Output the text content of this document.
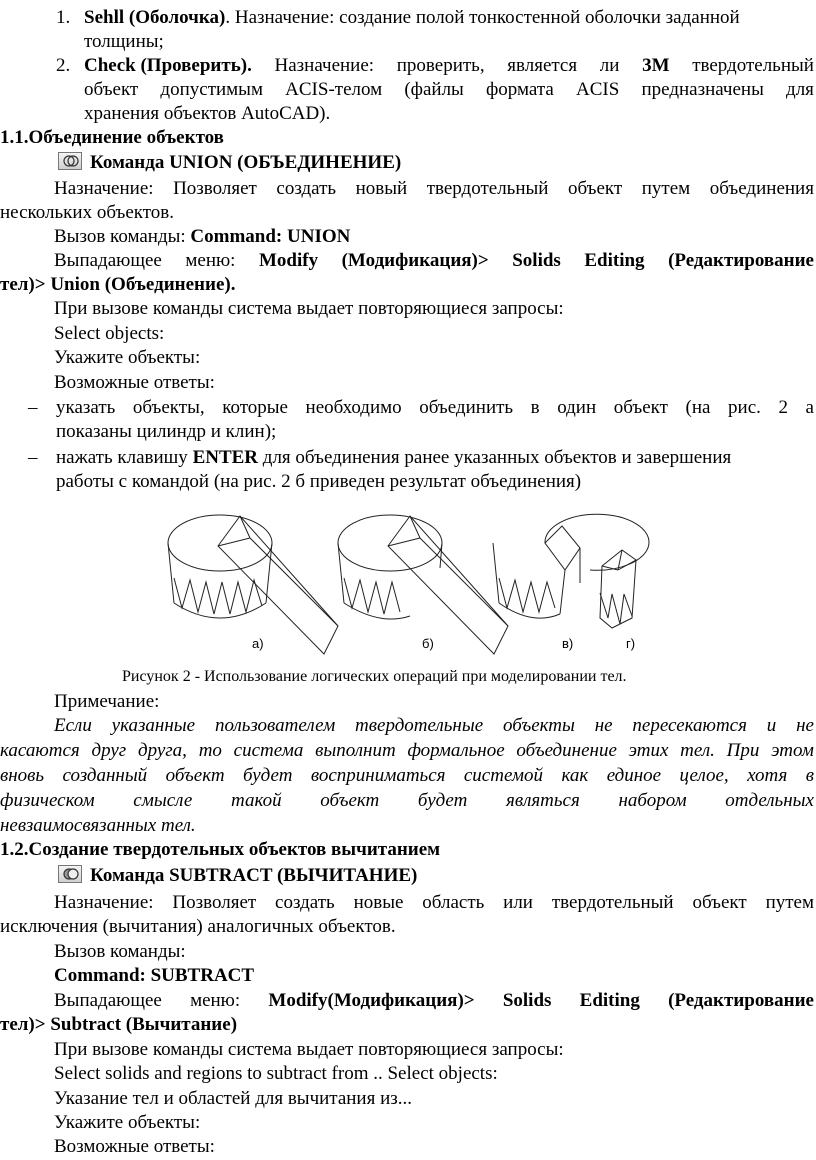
1. Sehll (Оболочка). Назначение: создание полой тонкостенной оболочки заданной
толщины;
2. Check (Проверить). Назначение: проверить, является ли 3М твердотельный
объект допустимым ACIS-телом (файлы формата ACIS предназначены для
хранения объектов AutoCAD).
1.1.Объединение объектов
Команда UNION (ОБЪЕДИНЕНИЕ)
Назначение: Позволяет создать новый твердотельный объект путем объединения
нескольких объектов.
Вызов команды: Command: UNION
Выпадающее меню: Modify (Модификация)> Solids Editing (Редактирование
тел)> Union (Объединение).
При вызове команды система выдает повторяющиеся запросы:
Select objects:
Укажите объекты:
Возможные ответы:
– указать объекты, которые необходимо объединить в один объект (на рис. 2 а
показаны цилиндр и клин);
– нажать клавишу ENTER для объединения ранее указанных объектов и завершения
работы с командой (на рис. 2 б приведен результат объединения)
а)	б)	в)	г)
Рисунок 2 - Использование логических операций при моделировании тел.
Примечание:
Если указанные пользователем твердотельные объекты не пересекаются и не
касаются друг друга, то система выполнит формальное объединение этих тел. При этом
вновь созданный объект будет восприниматься системой как единое целое, хотя в
физическом смысле такой объект будет являться набором отдельных
невзаимосвязанных тел.
1.2.Создание твердотельных объектов вычитанием
Команда SUBTRACT (ВЫЧИТАНИЕ)
Назначение: Позволяет создать новые область или твердотельный объект путем
исключения (вычитания) аналогичных объектов.
Вызов команды:
Command: SUBTRACT
Выпадающее меню: Modify(Модификация)> Solids Editing (Редактирование
тел)> Subtract (Вычитание)
При вызове команды система выдает повторяющиеся запросы:
Select solids and regions to subtract from .. Select objects:
Указание тел и областей для вычитания из...
Укажите объекты:
Возможные ответы:
